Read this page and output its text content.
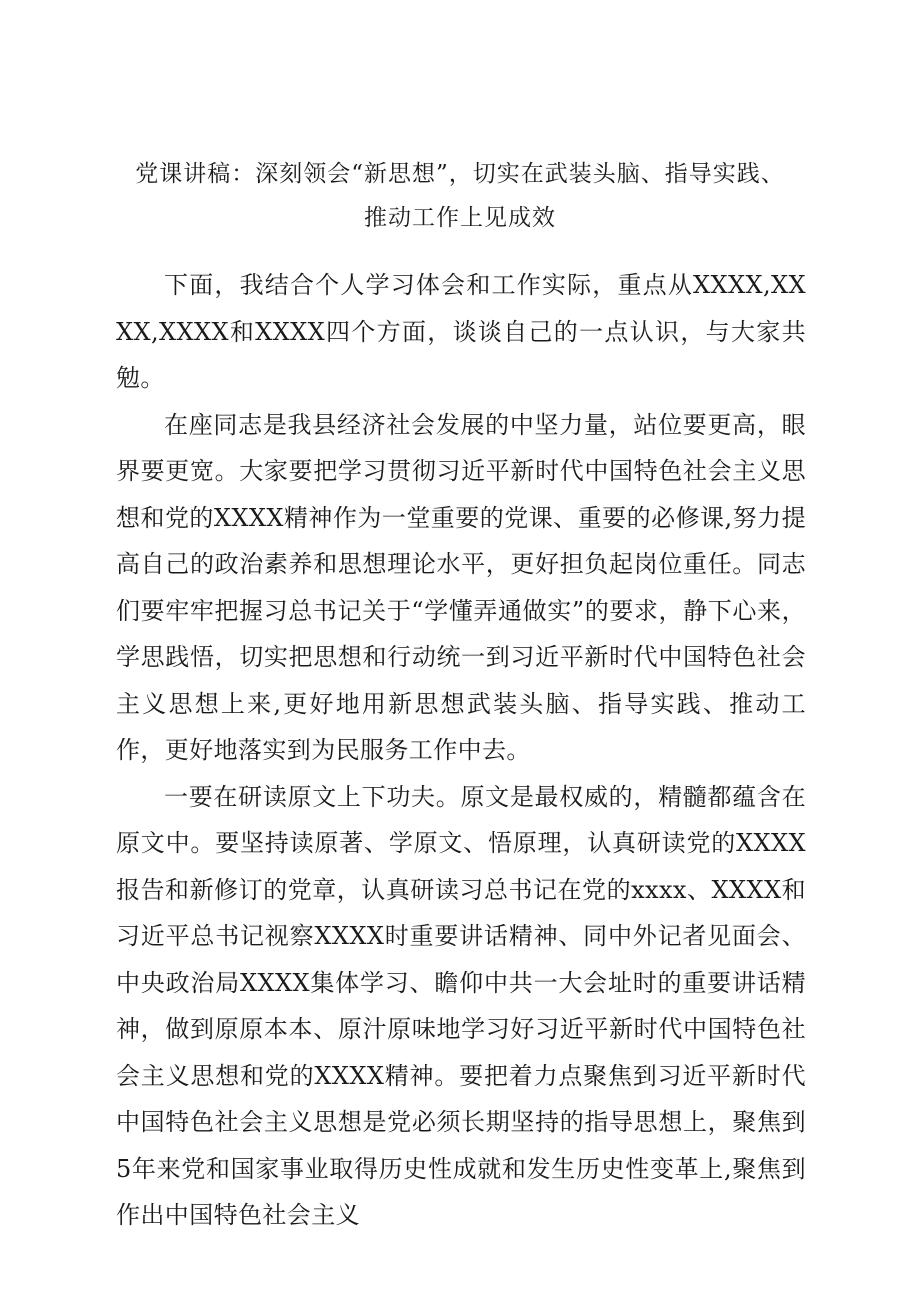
党课讲稿：深刻领会“新思想”，切实在武装头脑、指导实践、
推动工作上见成效

下面，我结合个人学习体会和工作实际，重点从XXXX,XXXX,XXXX和XXXX四个方面，谈谈自己的一点认识，与大家共勉。

在座同志是我县经济社会发展的中坚力量，站位要更高，眼界要更宽。大家要把学习贯彻习近平新时代中国特色社会主义思想和党的XXXX精神作为一堂重要的党课、重要的必修课,努力提高自己的政治素养和思想理论水平，更好担负起岗位重任。同志们要牢牢把握习总书记关于“学懂弄通做实”的要求，静下心来，学思践悟，切实把思想和行动统一到习近平新时代中国特色社会主义思想上来,更好地用新思想武装头脑、指导实践、推动工作，更好地落实到为民服务工作中去。

一要在研读原文上下功夫。原文是最权威的，精髓都蕴含在原文中。要坚持读原著、学原文、悟原理，认真研读党的XXXX报告和新修订的党章，认真研读习总书记在党的xxxx、XXXX和习近平总书记视察XXXX时重要讲话精神、同中外记者见面会、中央政治局XXXX集体学习、瞻仰中共一大会址时的重要讲话精神，做到原原本本、原汁原味地学习好习近平新时代中国特色社会主义思想和党的XXXX精神。要把着力点聚焦到习近平新时代中国特色社会主义思想是党必须长期坚持的指导思想上，聚焦到5年来党和国家事业取得历史性成就和发生历史性变革上,聚焦到作出中国特色社会主义
